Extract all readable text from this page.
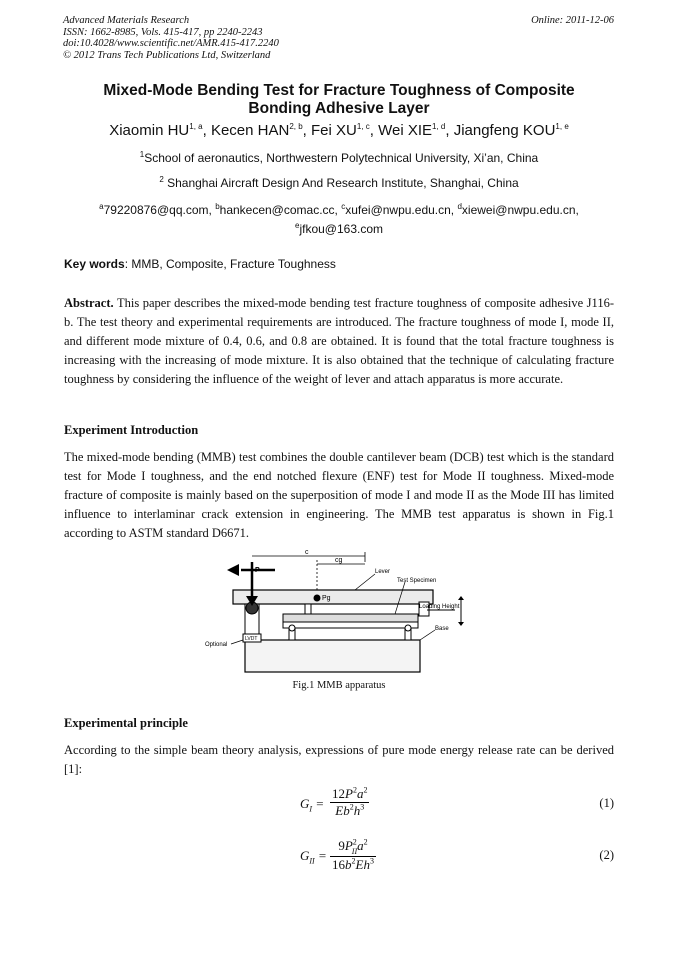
Advanced Materials Research
ISSN: 1662-8985, Vols. 415-417, pp 2240-2243
doi:10.4028/www.scientific.net/AMR.415-417.2240
© 2012 Trans Tech Publications Ltd, Switzerland
Online: 2011-12-06
Mixed-Mode Bending Test for Fracture Toughness of Composite
Bonding Adhesive Layer
Xiaomin HU$^{1, a}$, Kecen HAN$^{2, b}$, Fei XU$^{1, c}$, Wei XIE$^{1, d}$, Jiangfeng KOU$^{1, e}$
$^1$School of aeronautics, Northwestern Polytechnical University, Xi’an, China
$^2$ Shanghai Aircraft Design And Research Institute, Shanghai, China
$^a$79220876@qq.com, $^b$hankecen@comac.cc, $^c$xufei@nwpu.edu.cn, $^d$xiewei@nwpu.edu.cn,
$^e$jfkou@163.com
Key words: MMB, Composite, Fracture Toughness
Abstract. This paper describes the mixed-mode bending test fracture toughness of composite adhesive J116-b. The test theory and experimental requirements are introduced. The fracture toughness of mode I, mode II, and different mode mixture of 0.4, 0.6, and 0.8 are obtained. It is found that the total fracture toughness is increasing with the increasing of mode mixture. It is also obtained that the technique of calculating fracture toughness by considering the influence of the weight of lever and attach apparatus is more accurate.
Experiment Introduction
The mixed-mode bending (MMB) test combines the double cantilever beam (DCB) test which is the standard test for Mode I toughness, and the end notched flexure (ENF) test for Mode II toughness. Mixed-mode fracture of composite is mainly based on the superposition of mode I and mode II as the Mode III has limited influence to interlaminar crack extension in engineering. The MMB test apparatus is shown in Fig.1 according to ASTM standard D6671.
P
c
cg
Pg
Lever
Test Specimen
Loading Height
Base
Optional
LVDT
Fig.1 MMB apparatus
Experimental principle
According to the simple beam theory analysis, expressions of pure mode energy release rate can be derived [1]:
$G_I = \frac{12P^2a^2}{Eb^2h^3}$	(1)
$G_{II}$ =
$9P^2_{II}a^2$
$16b^2Eh^3$	(2)
